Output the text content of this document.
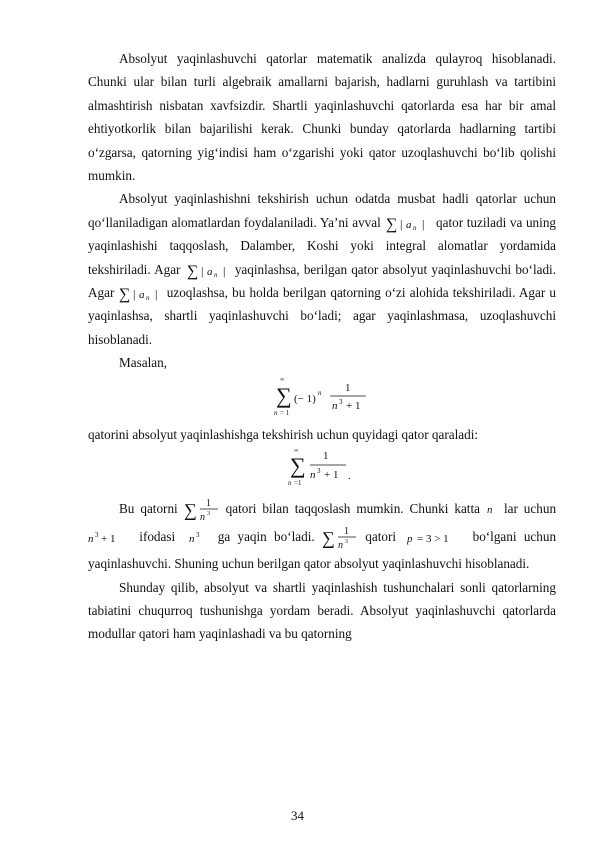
Absolyut yaqinlashuvchi qatorlar matematik analizda qulayroq hisoblanadi. Chunki ular bilan turli algebraik amallarni bajarish, hadlarni guruhlash va tartibini almashtirish nisbatan xavfsizdir. Shartli yaqinlashuvchi qatorlarda esa har bir amal ehtiyotkorlik bilan bajarilishi kerak. Chunki bunday qatorlarda hadlarning tartibi o‘zgarsa, qatorning yig‘indisi ham o‘zgarishi yoki qator uzoqlashuvchi bo‘lib qolishi mumkin.

Absolyut yaqinlashishni tekshirish uchun odatda musbat hadli qatorlar uchun qo‘llaniladigan alomatlardan foydalaniladi. Ya’ni avval ∑ | a n | qator tuziladi va uning yaqinlashishi taqqoslash, Dalamber, Koshi yoki integral alomatlar yordamida tekshiriladi. Agar ∑ | a n | yaqinlashsa, berilgan qator absolyut yaqinlashuvchi bo‘ladi. Agar ∑ | a n | uzoqlashsa, bu holda berilgan qatorning o‘zi alohida tekshiriladi. Agar u yaqinlashsa, shartli yaqinlashuvchi bo‘ladi; agar yaqinlashmasa, uzoqlashuvchi hisoblanadi.

Masalan,

∞
∑
n = 1
(− 1) n 1
n 3 + 1

qatorini absolyut yaqinlashishga tekshirish uchun quyidagi qator qaraladi:

∞
∑
n =1
1
n 3 + 1 .

Bu qatorni ∑ 1
n 3 qatori bilan taqqoslash mumkin. Chunki katta n lar uchun
n 3 + 1 ifodasi n 3 ga yaqin bo‘ladi. ∑ 1
n 3 qatori p = 3 > 1 bo‘lgani uchun yaqinlashuvchi. Shuning uchun berilgan qator absolyut yaqinlashuvchi hisoblanadi.

Shunday qilib, absolyut va shartli yaqinlashish tushunchalari sonli qatorlarning tabiatini chuqurroq tushunishga yordam beradi. Absolyut yaqinlashuvchi qatorlarda modullar qatori ham yaqinlashadi va bu qatorning

34
